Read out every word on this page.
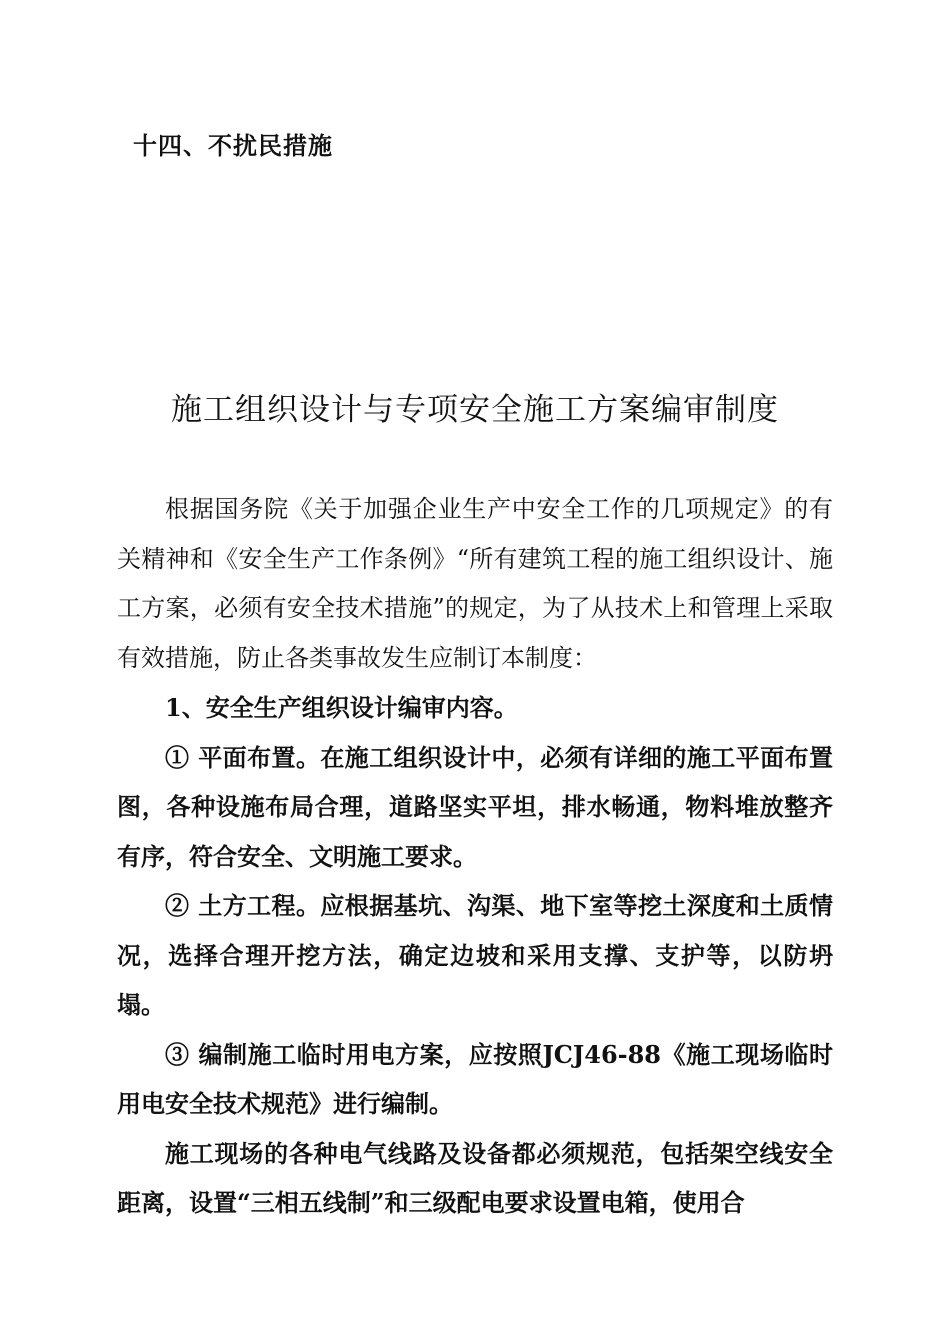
十四、不扰民措施
施工组织设计与专项安全施工方案编审制度

根据国务院《关于加强企业生产中安全工作的几项规定》的有关精神和《安全生产工作条例》“所有建筑工程的施工组织设计、施工方案，必须有安全技术措施”的规定，为了从技术上和管理上采取有效措施，防止各类事故发生应制订本制度：

1、安全生产组织设计编审内容。

① 平面布置。在施工组织设计中，必须有详细的施工平面布置图，各种设施布局合理，道路坚实平坦，排水畅通，物料堆放整齐有序，符合安全、文明施工要求。

② 土方工程。应根据基坑、沟渠、地下室等挖土深度和土质情况，选择合理开挖方法，确定边坡和采用支撑、支护等，以防坍塌。

③ 编制施工临时用电方案，应按照JCJ46-88《施工现场临时用电安全技术规范》进行编制。

施工现场的各种电气线路及设备都必须规范，包括架空线安全距离，设置“三相五线制”和三级配电要求设置电箱，使用合
